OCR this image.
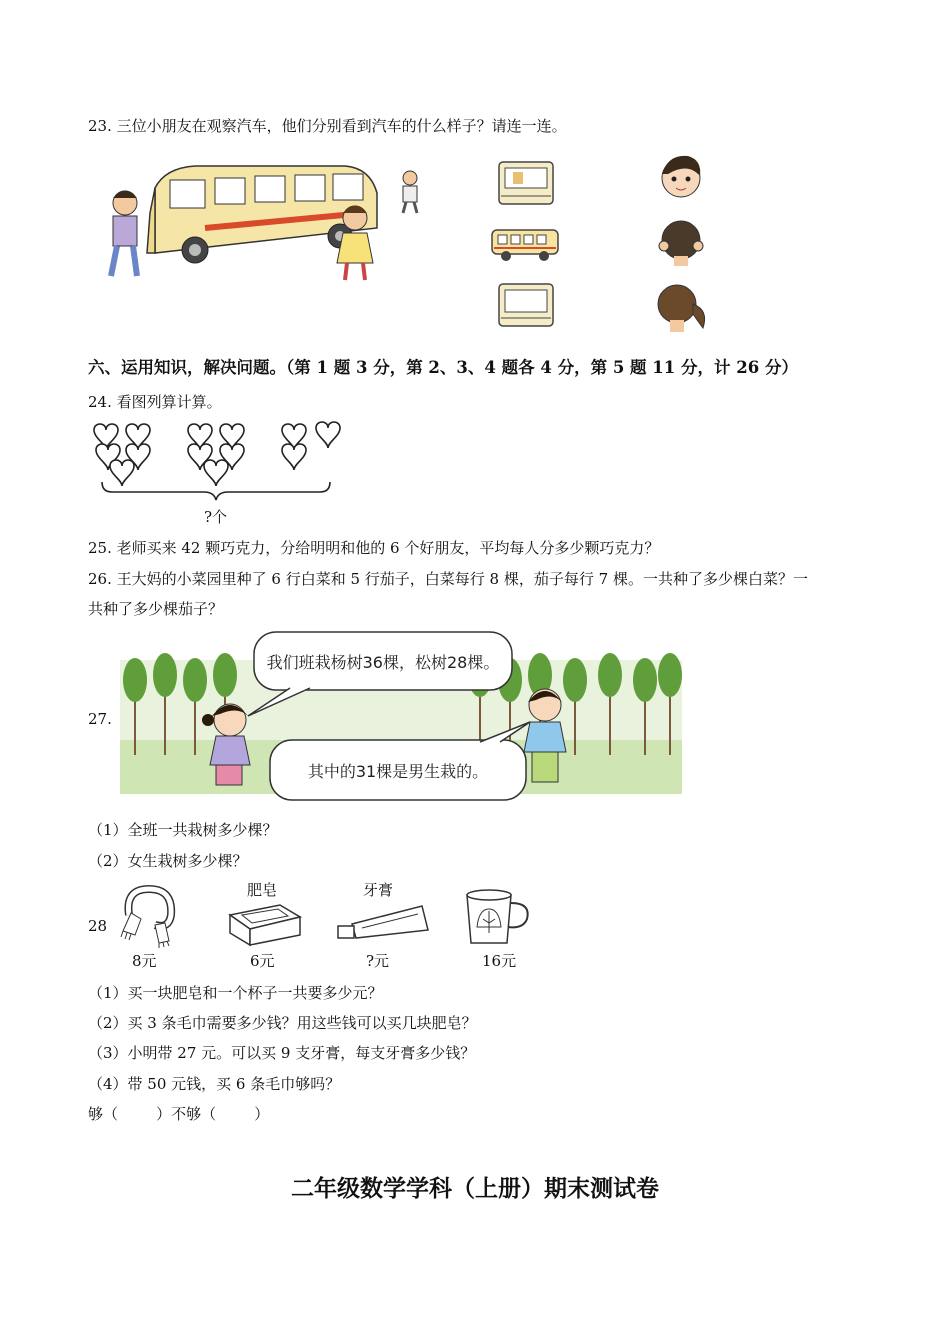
23. 三位小朋友在观察汽车，他们分别看到汽车的什么样子？请连一连。
六、运用知识，解决问题。（第 1 题 3 分，第 2、3、4 题各 4 分，第 5 题 11 分，计 26 分）
24. 看图列算计算。
?个
25. 老师买来 42 颗巧克力，分给明明和他的 6 个好朋友，平均每人分多少颗巧克力？
26. 王大妈的小菜园里种了 6 行白菜和 5 行茄子，白菜每行 8 棵，茄子每行 7 棵。一共种了多少棵白菜？一
共种了多少棵茄子？
27.
我们班栽杨树36棵，松树28棵。
其中的31棵是男生栽的。
（1）全班一共栽树多少棵？
（2）女生栽树多少棵？
28
8元
肥皂
6元
牙膏
?元	16元
（1）买一块肥皂和一个杯子一共要多少元？
（2）买 3 条毛巾需要多少钱？用这些钱可以买几块肥皂？
（3）小明带 27 元。可以买 9 支牙膏，每支牙膏多少钱？
（4）带 50 元钱，买 6 条毛巾够吗？
够（        ）不够（        ）
二年级数学学科（上册）期末测试卷
